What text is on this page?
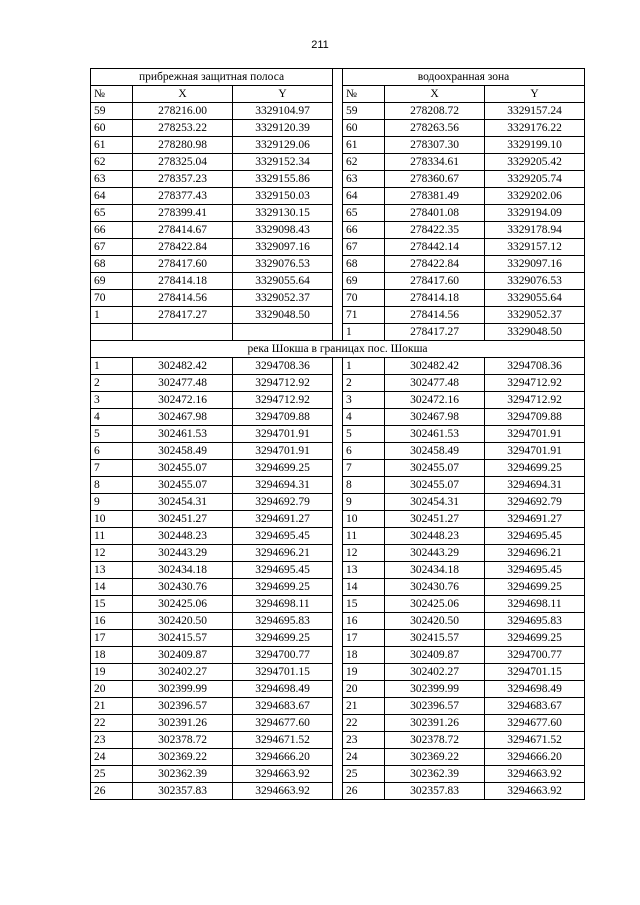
211
прибрежная защитная полоса				водоохранная зона		
№	X	Y		№	X	Y
59	278216.00	3329104.97		59	278208.72	3329157.24
60	278253.22	3329120.39		60	278263.56	3329176.22
61	278280.98	3329129.06		61	278307.30	3329199.10
62	278325.04	3329152.34		62	278334.61	3329205.42
63	278357.23	3329155.86		63	278360.67	3329205.74
64	278377.43	3329150.03		64	278381.49	3329202.06
65	278399.41	3329130.15		65	278401.08	3329194.09
66	278414.67	3329098.43		66	278422.35	3329178.94
67	278422.84	3329097.16		67	278442.14	3329157.12
68	278417.60	3329076.53		68	278422.84	3329097.16
69	278414.18	3329055.64		69	278417.60	3329076.53
70	278414.56	3329052.37		70	278414.18	3329055.64
1	278417.27	3329048.50		71	278414.56	3329052.37
				1	278417.27	3329048.50
река Шокша в границах пос. Шокша						
1	302482.42	3294708.36		1	302482.42	3294708.36
2	302477.48	3294712.92		2	302477.48	3294712.92
3	302472.16	3294712.92		3	302472.16	3294712.92
4	302467.98	3294709.88		4	302467.98	3294709.88
5	302461.53	3294701.91		5	302461.53	3294701.91
6	302458.49	3294701.91		6	302458.49	3294701.91
7	302455.07	3294699.25		7	302455.07	3294699.25
8	302455.07	3294694.31		8	302455.07	3294694.31
9	302454.31	3294692.79		9	302454.31	3294692.79
10	302451.27	3294691.27		10	302451.27	3294691.27
11	302448.23	3294695.45		11	302448.23	3294695.45
12	302443.29	3294696.21		12	302443.29	3294696.21
13	302434.18	3294695.45		13	302434.18	3294695.45
14	302430.76	3294699.25		14	302430.76	3294699.25
15	302425.06	3294698.11		15	302425.06	3294698.11
16	302420.50	3294695.83		16	302420.50	3294695.83
17	302415.57	3294699.25		17	302415.57	3294699.25
18	302409.87	3294700.77		18	302409.87	3294700.77
19	302402.27	3294701.15		19	302402.27	3294701.15
20	302399.99	3294698.49		20	302399.99	3294698.49
21	302396.57	3294683.67		21	302396.57	3294683.67
22	302391.26	3294677.60		22	302391.26	3294677.60
23	302378.72	3294671.52		23	302378.72	3294671.52
24	302369.22	3294666.20		24	302369.22	3294666.20
25	302362.39	3294663.92		25	302362.39	3294663.92
26	302357.83	3294663.92		26	302357.83	3294663.92
